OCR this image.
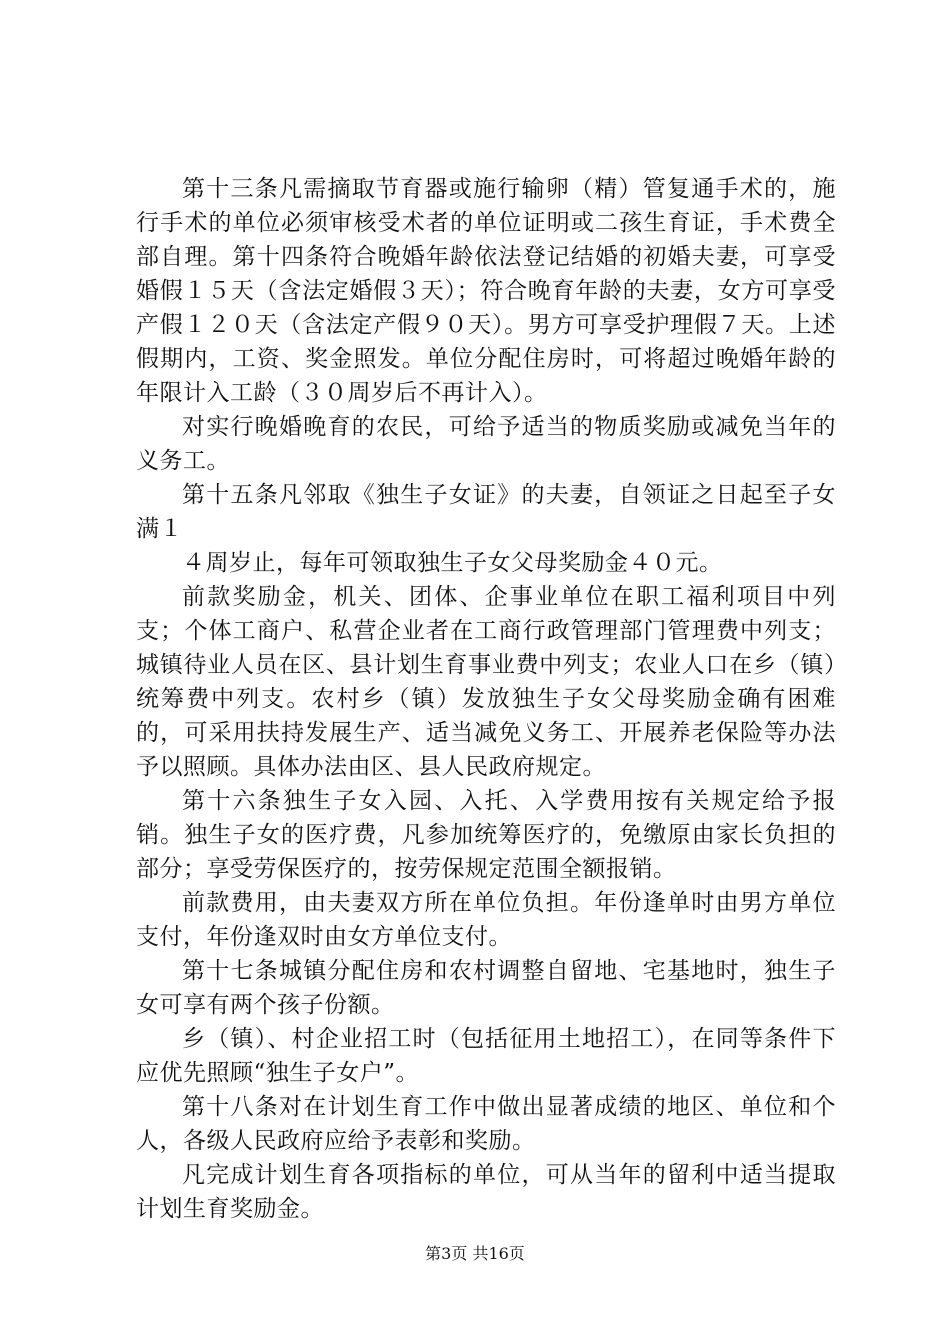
第十三条凡需摘取节育器或施行输卵（精）管复通手术的，施行手术的单位必须审核受术者的单位证明或二孩生育证，手术费全部自理。第十四条符合晚婚年龄依法登记结婚的初婚夫妻，可享受婚假１５天（含法定婚假３天）；符合晚育年龄的夫妻，女方可享受产假１２０天（含法定产假９０天）。男方可享受护理假７天。上述假期内，工资、奖金照发。单位分配住房时，可将超过晚婚年龄的年限计入工龄（３０周岁后不再计入）。

对实行晚婚晚育的农民，可给予适当的物质奖励或减免当年的义务工。

第十五条凡邻取《独生子女证》的夫妻，自领证之日起至子女满１

４周岁止，每年可领取独生子女父母奖励金４０元。

前款奖励金，机关、团体、企事业单位在职工福利项目中列支；个体工商户、私营企业者在工商行政管理部门管理费中列支；城镇待业人员在区、县计划生育事业费中列支；农业人口在乡（镇）统筹费中列支。农村乡（镇）发放独生子女父母奖励金确有困难的，可采用扶持发展生产、适当减免义务工、开展养老保险等办法予以照顾。具体办法由区、县人民政府规定。

第十六条独生子女入园、入托、入学费用按有关规定给予报销。独生子女的医疗费，凡参加统筹医疗的，免缴原由家长负担的部分；享受劳保医疗的，按劳保规定范围全额报销。

前款费用，由夫妻双方所在单位负担。年份逢单时由男方单位支付，年份逢双时由女方单位支付。

第十七条城镇分配住房和农村调整自留地、宅基地时，独生子女可享有两个孩子份额。

乡（镇）、村企业招工时（包括征用土地招工），在同等条件下应优先照顾“独生子女户”。

第十八条对在计划生育工作中做出显著成绩的地区、单位和个人，各级人民政府应给予表彰和奖励。

凡完成计划生育各项指标的单位，可从当年的留利中适当提取计划生育奖励金。

第3页 共16页
